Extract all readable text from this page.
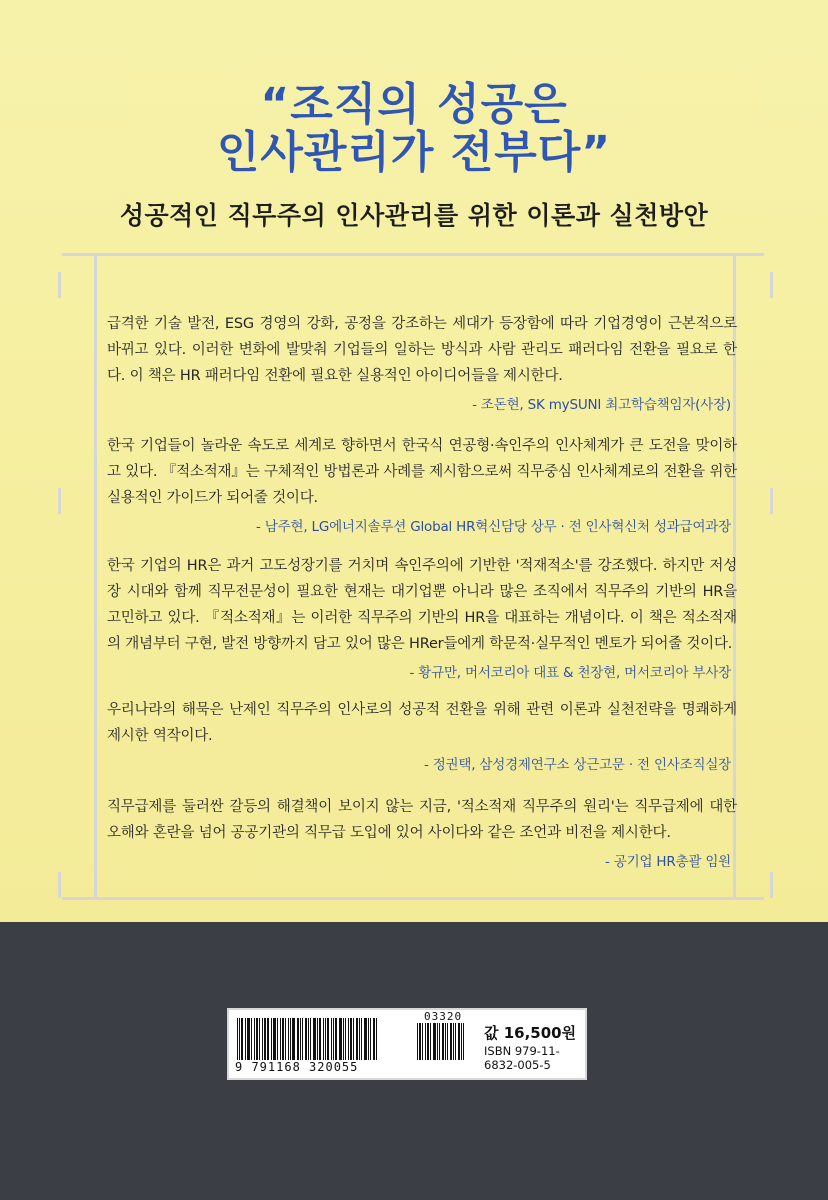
“조직의 성공은
인사관리가 전부다”
성공적인 직무주의 인사관리를 위한 이론과 실천방안

급격한 기술 발전, ESG 경영의 강화, 공정을 강조하는 세대가 등장함에 따라 기업경영이 근본적으로 바뀌고 있다. 이러한 변화에 발맞춰 기업들의 일하는 방식과 사람 관리도 패러다임 전환을 필요로 한다. 이 책은 HR 패러다임 전환에 필요한 실용적인 아이디어들을 제시한다.

- 조돈현, SK mySUNI 최고학습책임자(사장)

한국 기업들이 놀라운 속도로 세계로 향하면서 한국식 연공형·속인주의 인사체계가 큰 도전을 맞이하고 있다. 『적소적재』는 구체적인 방법론과 사례를 제시함으로써 직무중심 인사체계로의 전환을 위한 실용적인 가이드가 되어줄 것이다.

- 남주현, LG에너지솔루션 Global HR혁신담당 상무 · 전 인사혁신처 성과급여과장

한국 기업의 HR은 과거 고도성장기를 거치며 속인주의에 기반한 '적재적소'를 강조했다. 하지만 저성장 시대와 함께 직무전문성이 필요한 현재는 대기업뿐 아니라 많은 조직에서 직무주의 기반의 HR을 고민하고 있다. 『적소적재』는 이러한 직무주의 기반의 HR을 대표하는 개념이다. 이 책은 적소적재의 개념부터 구현, 발전 방향까지 담고 있어 많은 HRer들에게 학문적·실무적인 멘토가 되어줄 것이다.

- 황규만, 머서코리아 대표 & 천장현, 머서코리아 부사장

우리나라의 해묵은 난제인 직무주의 인사로의 성공적 전환을 위해 관련 이론과 실천전략을 명쾌하게 제시한 역작이다.

- 정권택, 삼성경제연구소 상근고문 · 전 인사조직실장

직무급제를 둘러싼 갈등의 해결책이 보이지 않는 지금, '적소적재 직무주의 원리'는 직무급제에 대한 오해와 혼란을 넘어 공공기관의 직무급 도입에 있어 사이다와 같은 조언과 비전을 제시한다.

- 공기업 HR총괄 임원
9 791168 320055
03320
값 16,500원
ISBN 979-11-6832-005-5
